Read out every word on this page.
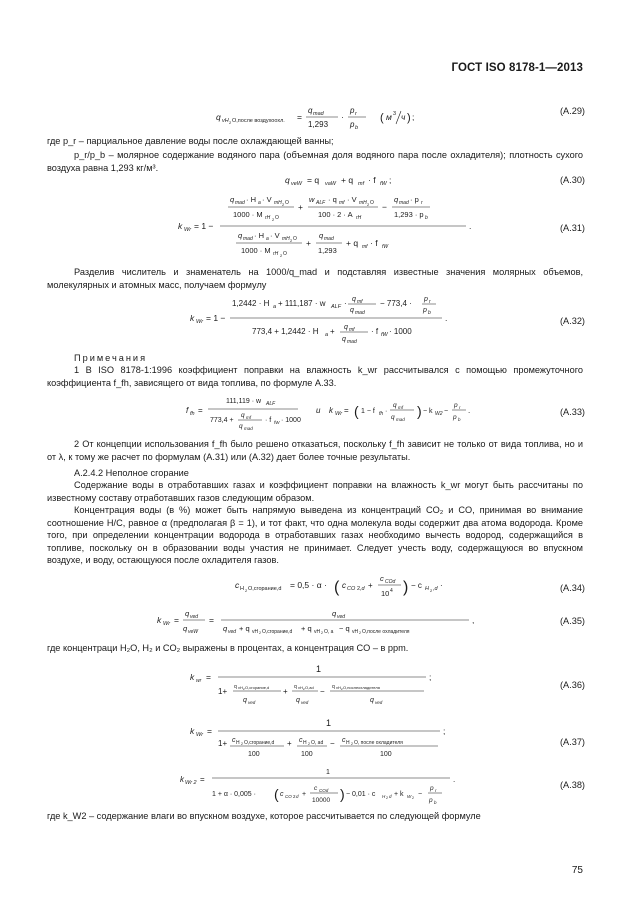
ГОСТ ISO 8178-1—2013
q vH 2 O,после воздухоохл. =
q mad
1,293
·
p r
p b
( м 3 ч ) ;
(A.29)
где p_r – парциальное давление воды после охлаждающей ванны;
p_r/p_b – молярное содержание водяного пара (объемная доля водяного пара после охладителя); плотность сухого воздуха равна 1,293 кг/м³.
q veW = q vaW + q mf · f fW ;	(A.30)
k Wr = 1 −
q mad · H a · V mH 2 O
1000 · M rH 2 O
+
w ALF · q mf · V mH 2 O
100 · 2 · A rH
−
q mad · p r
1,293 · p b
q mad · H a · V mH 2 O
1000 · M rH 2 O
+
q mad
1,293
+ q mf · f fW
.	(A.31)
Разделив числитель и знаменатель на 1000/q_mad и подставляя известные значения молярных объемов, молекулярных и атомных масс, получаем формулу
k Wr = 1 −
1,2442 · H a + 111,187 · w ALF · q mf
q mad
− 773,4 · p r
p b
773,4 + 1,2442 · H a + q mf
q mad
· f fW · 1000
.	(A.32)
Примечания
1 В ISO 8178-1:1996 коэффициент поправки на влажность k_wr рассчитывался с помощью промежуточного коэффициента f_fh, зависящего от вида топлива, по формуле А.33.
f fh =
111,119 · w ALF
773,4 +
q mf
q mad
· f fW · 1000
и k Wr = ( 1 − f fh ·
q mf
q mad
) − k W2 −
p r
p b
.	(A.33)
2 От концепции использования f_fh было решено отказаться, поскольку f_fh зависит не только от вида топлива, но и от λ, к тому же расчет по формулам (А.31) или (А.32) дает более точные результаты.
A.2.4.2 Неполное сгорание
Содержание воды в отработавших газах и коэффициент поправки на влажность k_wr могут быть рассчитаны по известному составу отработавших газов следующим образом.
Концентрация воды (в %) может быть напрямую выведена из концентраций CO₂ и CO, принимая во внимание соотношение H/C, равное α (предполагая β = 1), и тот факт, что одна молекула воды содержит два атома водорода. Кроме того, при определении концентрации водорода в отработавших газах необходимо вычесть водород, содержащийся в топливе, поскольку он в образовании воды участия не принимает. Следует учесть воду, содержащуюся во впускном воздухе, и воду, остающуюся после охладителя газов.
c H 2 O,сгорание,d = 0,5 · α · ( c CO 2 ,d +
c COd
10 4 ) − c H 2 ,d ·	(A.34)
k Wr =
q ved
q veW
=
q ved
q ved + q vH 2 O,сгорание,d + q vH 2 O, a − q vH 2 O,после охладителя
,	(A.35)
где концентраци H₂O, H₂ и CO₂ выражены в процентах, а концентрация CO – в ppm.
k wr =
1
1+ q vH 2 O,сгорание,d
q ved
+ q vH 2 O,ad
q ved
− q vH 2 O,послеохладителя
q ved
;
(A.36)
k Wr =
1
1+ c H 2 O,сгорание,d
100
+ c H 2 O, ad
100
− c H 2 O, после охладителя
100
;
(A.37)
k Wr 2 =
1
1 + α · 0,005 · ( c CO 2 d +
c COd
10000 ) − 0,01 · c H 2 d + k W 2 −
p r
p b
.
(A.38)
где k_W2 – содержание влаги во впускном воздухе, которое рассчитывается по следующей формуле
75
